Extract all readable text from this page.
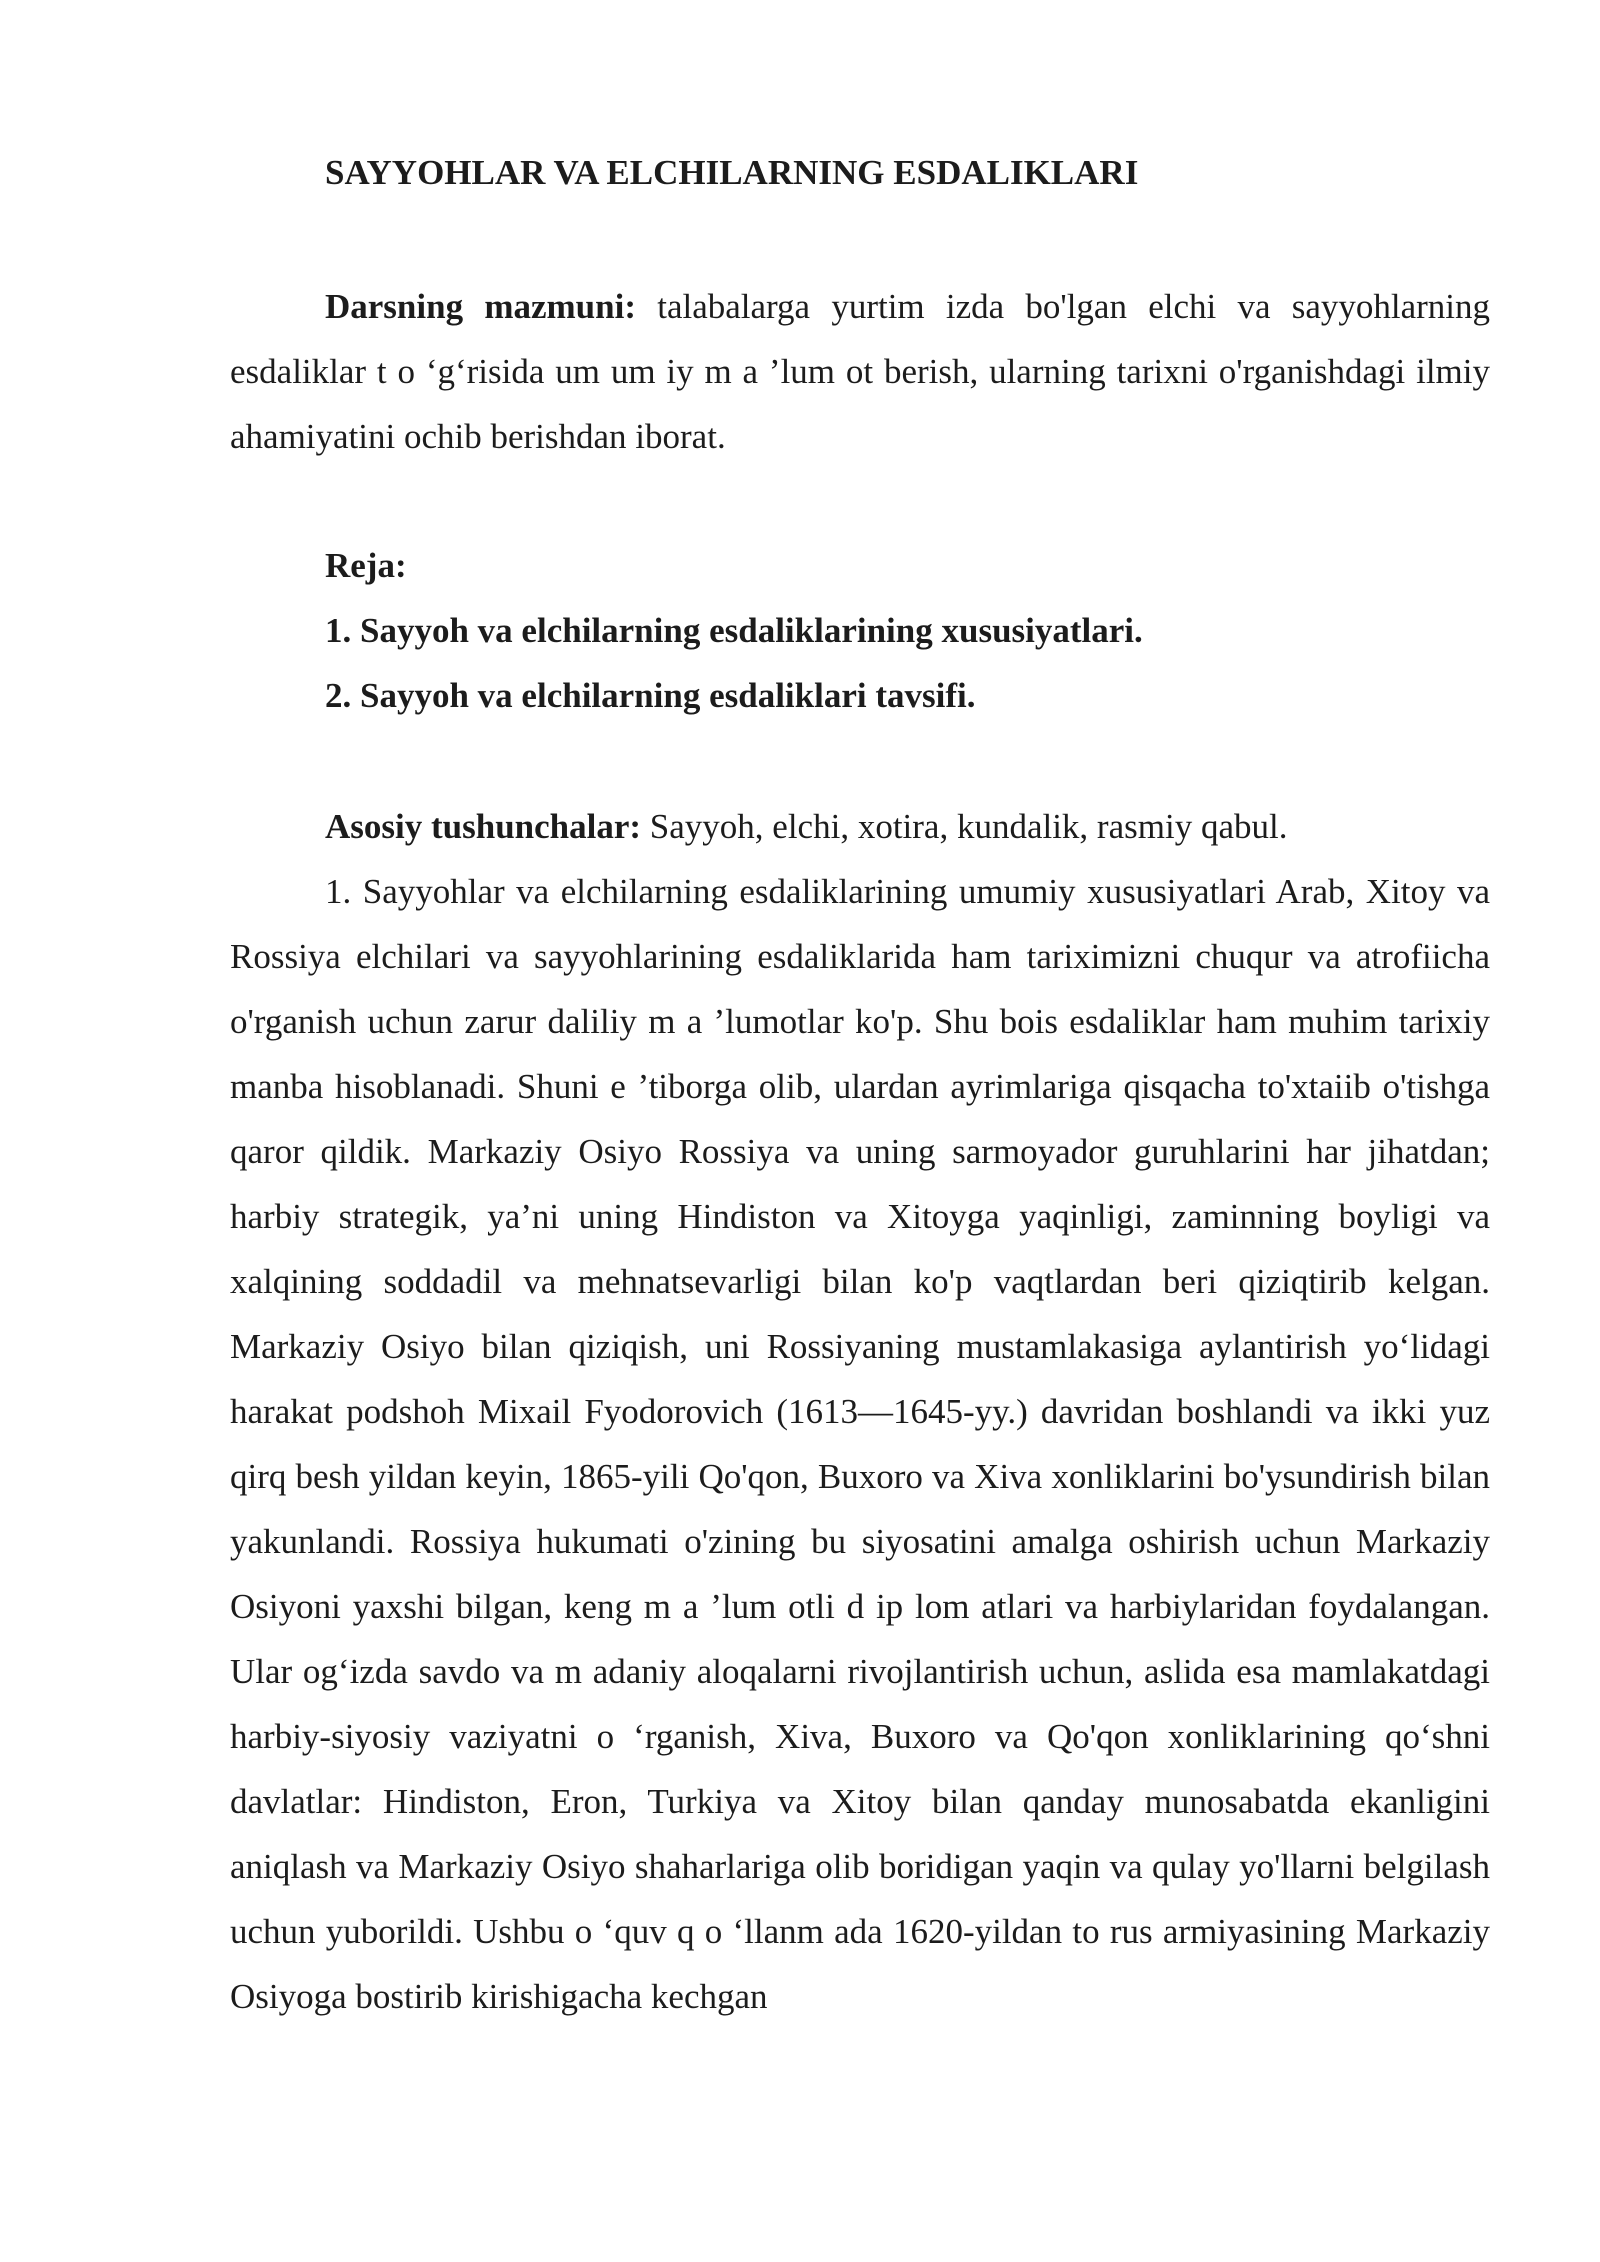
SAYYOHLAR VA ELCHILARNING ESDALIKLARI

Darsning mazmuni: talabalarga yurtim izda bo'lgan elchi va sayyohlarning esdaliklar t o ‘g‘risida um um iy m a ’lum ot berish, ularning tarixni o'rganishdagi ilmiy ahamiyatini ochib berishdan iborat.

Reja:
1. Sayyoh va elchilarning esdaliklarining xususiyatlari.
2. Sayyoh va elchilarning esdaliklari tavsifi.

Asosiy tushunchalar: Sayyoh, elchi, xotira, kundalik, rasmiy qabul.

1. Sayyohlar va elchilarning esdaliklarining umumiy xususiyatlari Arab, Xitoy va Rossiya elchilari va sayyohlarining esdaliklarida ham tariximizni chuqur va atrofiicha o'rganish uchun zarur daliliy m a ’lumotlar ko'p. Shu bois esdaliklar ham muhim tarixiy manba hisoblanadi. Shuni e ’tiborga olib, ulardan ayrimlariga qisqacha to'xtaiib o'tishga qaror qildik. Markaziy Osiyo Rossiya va uning sarmoyador guruhlarini har jihatdan; harbiy strategik, ya’ni uning Hindiston va Xitoyga yaqinligi, zaminning boyligi va xalqining soddadil va mehnatsevarligi bilan ko'p vaqtlardan beri qiziqtirib kelgan. Markaziy Osiyo bilan qiziqish, uni Rossiyaning mustamlakasiga aylantirish yo‘lidagi harakat podshoh Mixail Fyodorovich (1613—1645-yy.) davridan boshlandi va ikki yuz qirq besh yildan keyin, 1865-yili Qo'qon, Buxoro va Xiva xonliklarini bo'ysundirish bilan yakunlandi. Rossiya hukumati o'zining bu siyosatini amalga oshirish uchun Markaziy Osiyoni yaxshi bilgan, keng m a ’lum otli d ip lom atlari va harbiylaridan foydalangan. Ular og‘izda savdo va m adaniy aloqalarni rivojlantirish uchun, aslida esa mamlakatdagi harbiy-siyosiy vaziyatni o ‘rganish, Xiva, Buxoro va Qo'qon xonliklarining qo‘shni davlatlar: Hindiston, Eron, Turkiya va Xitoy bilan qanday munosabatda ekanligini aniqlash va Markaziy Osiyo shaharlariga olib boridigan yaqin va qulay yo'llarni belgilash uchun yuborildi. Ushbu o ‘quv q o ‘llanm ada 1620-yildan to rus armiyasining Markaziy Osiyoga bostirib kirishigacha kechgan
